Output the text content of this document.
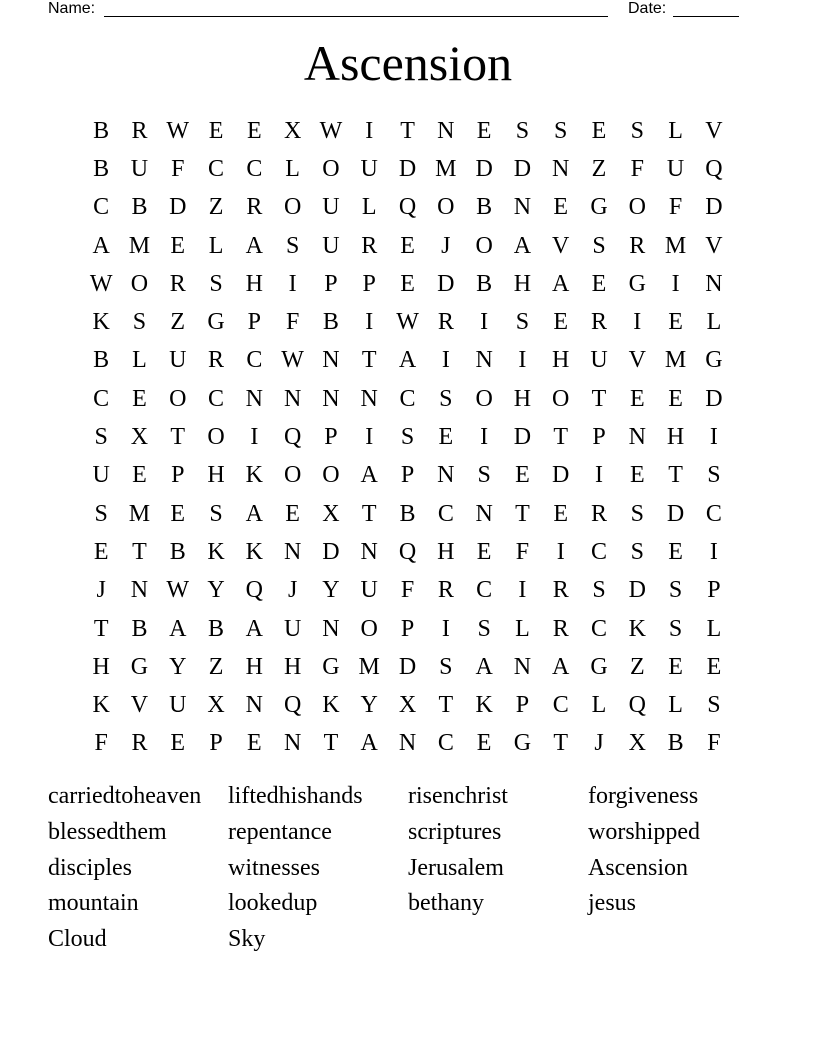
Name:	Date:
Ascension
B R W E E X W I	T N E	S	S	E	S	L V
B U F C C L O U D M D D N Z	F U Q
C B D Z R O U L Q O B N E G O F D
A M E L A S U R E	J	O A V S R M V
W O R S H	I	P	P	E D B H A E G	I	N
K S	Z G P	F B	I W R	I	S	E R	I	E L
B L U R C W N T A	I	N	I	H U V M G
C E O C N N N N C S O H O T E E D
S X T O	I	Q P	I	S	E	I	D T	P N H	I
U E	P H K O O A P N S	E D	I	E T	S
S M E	S A E X T B C N T E R S D C
E T B K K N D N Q H E	F	I	C S	E	I
J	N W Y Q	J	Y U F R C	I	R S D S	P
T B A B A U N O P	I	S	L R C K S	L
H G Y Z H H G M D S A N A G Z E E
K V U X N Q K Y X T K P C L Q L	S
F R E	P	E N T A N C E G T	J	X B F
carriedtoheaven	liftedhishands	risenchrist	forgiveness
blessedthem	repentance	scriptures	worshipped
disciples	witnesses	Jerusalem	Ascension
mountain	lookedup	bethany	jesus
Cloud	Sky
